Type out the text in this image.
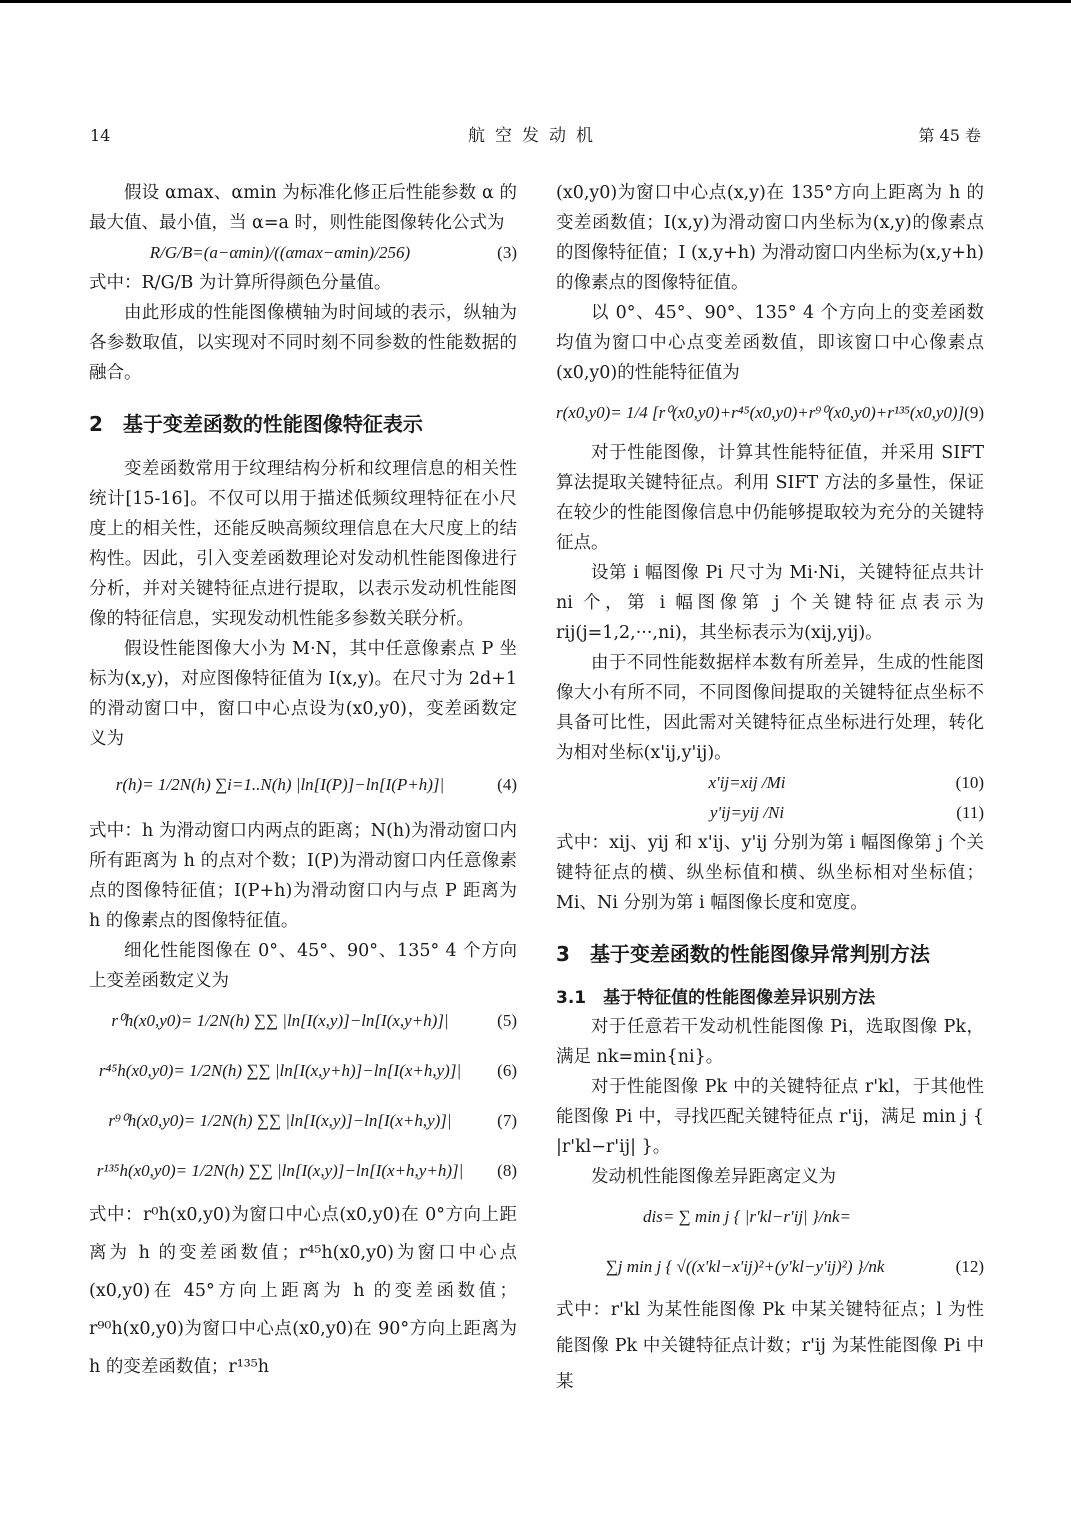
14	航空发动机	第 45 卷

假设 αmax、αmin 为标准化修正后性能参数 α 的最大值、最小值，当 α=a 时，则性能图像转化公式为

R/G/B=(a−αmin)/((αmax−αmin)/256)	(3)

式中：R/G/B 为计算所得颜色分量值。

由此形成的性能图像横轴为时间域的表示，纵轴为各参数取值，以实现对不同时刻不同参数的性能数据的融合。

2　基于变差函数的性能图像特征表示

变差函数常用于纹理结构分析和纹理信息的相关性统计[15-16]。不仅可以用于描述低频纹理特征在小尺度上的相关性，还能反映高频纹理信息在大尺度上的结构性。因此，引入变差函数理论对发动机性能图像进行分析，并对关键特征点进行提取，以表示发动机性能图像的特征信息，实现发动机性能多参数关联分析。

假设性能图像大小为 M·N，其中任意像素点 P 坐标为(x,y)，对应图像特征值为 I(x,y)。在尺寸为 2d+1 的滑动窗口中，窗口中心点设为(x0,y0)，变差函数定义为

r(h)= 1/2N(h) ∑i=1..N(h) |ln[I(P)]−ln[I(P+h)]|	(4)

式中：h 为滑动窗口内两点的距离；N(h)为滑动窗口内所有距离为 h 的点对个数；I(P)为滑动窗口内任意像素点的图像特征值；I(P+h)为滑动窗口内与点 P 距离为 h 的像素点的图像特征值。

细化性能图像在 0°、45°、90°、135° 4 个方向上变差函数定义为

r⁰h(x0,y0)= 1/2N(h) ∑∑ |ln[I(x,y)]−ln[I(x,y+h)]|	(5)
r⁴⁵h(x0,y0)= 1/2N(h) ∑∑ |ln[I(x,y+h)]−ln[I(x+h,y)]|	(6)
r⁹⁰h(x0,y0)= 1/2N(h) ∑∑ |ln[I(x,y)]−ln[I(x+h,y)]|	(7)
r¹³⁵h(x0,y0)= 1/2N(h) ∑∑ |ln[I(x,y)]−ln[I(x+h,y+h)]|	(8)

式中：r⁰h(x0,y0)为窗口中心点(x0,y0)在 0°方向上距离为 h 的变差函数值；r⁴⁵h(x0,y0)为窗口中心点(x0,y0)在 45°方向上距离为 h 的变差函数值；r⁹⁰h(x0,y0)为窗口中心点(x0,y0)在 90°方向上距离为 h 的变差函数值；r¹³⁵h

(x0,y0)为窗口中心点(x,y)在 135°方向上距离为 h 的变差函数值；I(x,y)为滑动窗口内坐标为(x,y)的像素点的图像特征值；I (x,y+h) 为滑动窗口内坐标为(x,y+h)的像素点的图像特征值。

以 0°、45°、90°、135° 4 个方向上的变差函数均值为窗口中心点变差函数值，即该窗口中心像素点(x0,y0)的性能特征值为

r(x0,y0)= 1/4 [r⁰(x0,y0)+r⁴⁵(x0,y0)+r⁹⁰(x0,y0)+r¹³⁵(x0,y0)] (9)

对于性能图像，计算其性能特征值，并采用 SIFT 算法提取关键特征点。利用 SIFT 方法的多量性，保证在较少的性能图像信息中仍能够提取较为充分的关键特征点。

设第 i 幅图像 Pi 尺寸为 Mi·Ni，关键特征点共计 ni 个，第 i 幅图像第 j 个关键特征点表示为 rij(j=1,2,···,ni)，其坐标表示为(xij,yij)。

由于不同性能数据样本数有所差异，生成的性能图像大小有所不同，不同图像间提取的关键特征点坐标不具备可比性，因此需对关键特征点坐标进行处理，转化为相对坐标(x'ij,y'ij)。

x'ij=xij /Mi	(10)
y'ij=yij /Ni	(11)

式中：xij、yij 和 x'ij、y'ij 分别为第 i 幅图像第 j 个关键特征点的横、纵坐标值和横、纵坐标相对坐标值；Mi、Ni 分别为第 i 幅图像长度和宽度。

3　基于变差函数的性能图像异常判别方法
3.1　基于特征值的性能图像差异识别方法

对于任意若干发动机性能图像 Pi，选取图像 Pk，满足 nk=min{ni}。

对于性能图像 Pk 中的关键特征点 r'kl，于其他性能图像 Pi 中，寻找匹配关键特征点 r'ij，满足 min j { |r'kl−r'ij| }。

发动机性能图像差异距离定义为

dis= ∑ min j { |r'kl−r'ij| }/nk=
∑j min j { √((x'kl−x'ij)²+(y'kl−y'ij)²) }/nk	(12)

式中：r'kl 为某性能图像 Pk 中某关键特征点；l 为性能图像 Pk 中关键特征点计数；r'ij 为某性能图像 Pi 中某
